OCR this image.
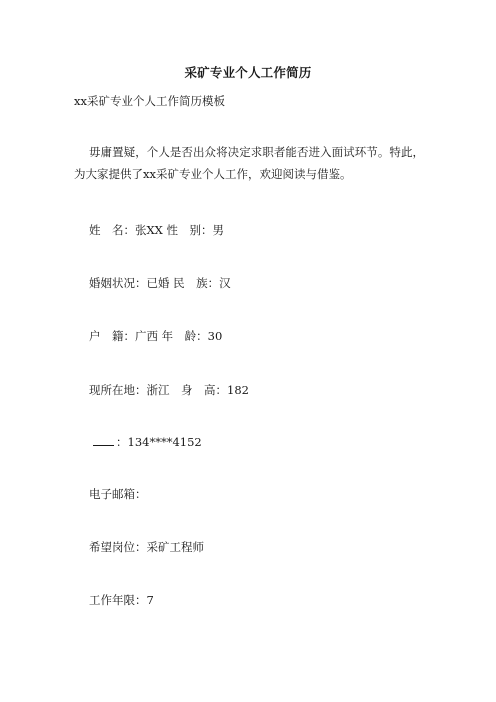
采矿专业个人工作简历
xx采矿专业个人工作简历模板
毋庸置疑，个人是否出众将决定求职者能否进入面试环节。特此，为大家提供了xx采矿专业个人工作，欢迎阅读与借鉴。
姓　名：张XX 性　别：男
婚姻状况：已婚 民　族：汉
户　籍：广西 年　龄：30
现所在地：浙江　身　高：182
：134****4152
电子邮箱：
希望岗位：采矿工程师
工作年限：7
